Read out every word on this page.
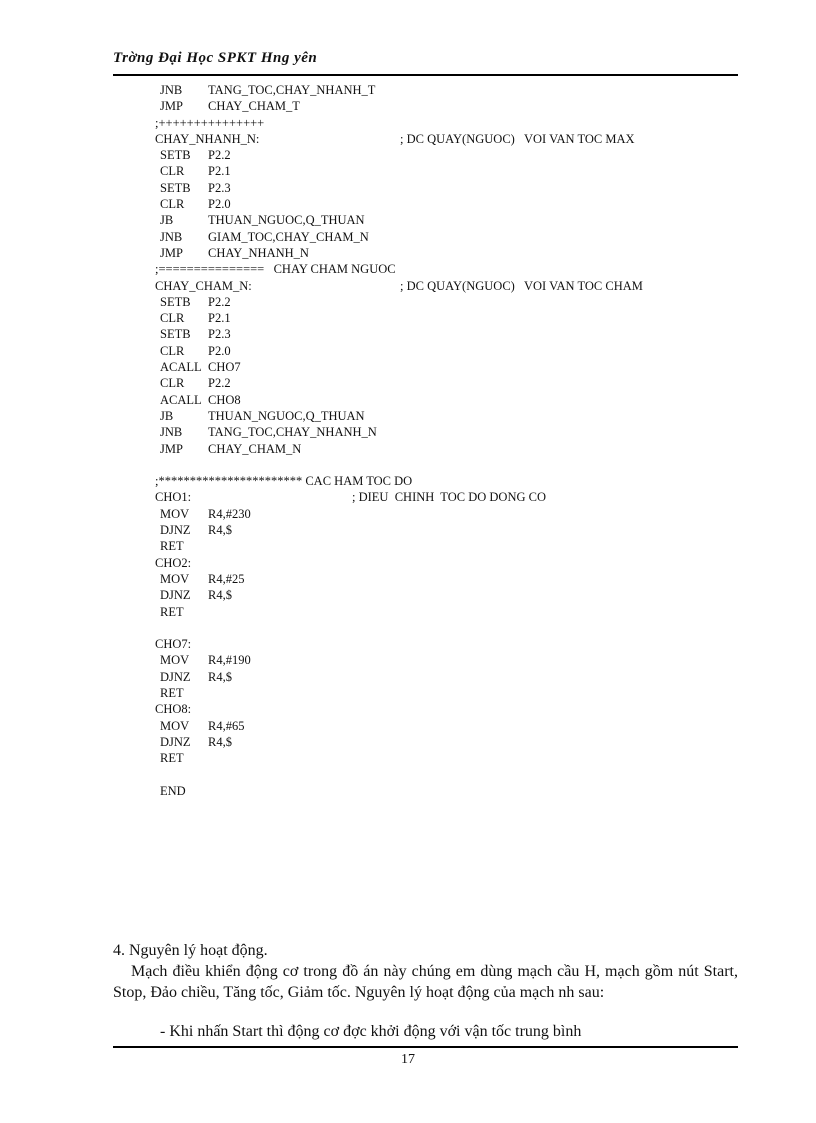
Trờng Đại Học SPKT Hng yên
JNB TANG_TOC,CHAY_NHANH_T
JMP CHAY_CHAM_T
;+++++++++++++++
CHAY_NHANH_N:	; DC QUAY(NGUOC)   VOI VAN TOC MAX
SETB P2.2
CLR P2.1
SETB P2.3
CLR P2.0
JB	THUAN_NGUOC,Q_THUAN
JNB GIAM_TOC,CHAY_CHAM_N
JMP CHAY_NHANH_N
;===============   CHAY CHAM NGUOC
CHAY_CHAM_N:	; DC QUAY(NGUOC)   VOI VAN TOC CHAM
SETB P2.2
CLR P2.1
SETB P2.3
CLR P2.0
ACALL CHO7
CLR P2.2
ACALL CHO8
JB	THUAN_NGUOC,Q_THUAN
JNB TANG_TOC,CHAY_NHANH_N
JMP CHAY_CHAM_N
;*********************** CAC HAM TOC DO
CHO1:	; DIEU  CHINH  TOC DO DONG CO
MOV R4,#230
DJNZ R4,$
RET
CHO2:
MOV R4,#25
DJNZ R4,$
RET
CHO7:
MOV R4,#190
DJNZ R4,$
RET
CHO8:
MOV R4,#65
DJNZ R4,$
RET
END
4. Nguyên lý hoạt động.
Mạch điều khiển động cơ trong đồ án này chúng em dùng mạch cầu H, mạch gồm nút Start, Stop, Đảo chiều, Tăng tốc, Giảm tốc. Nguyên lý hoạt động của mạch nh sau:
- Khi nhấn Start thì động cơ đợc khởi động với vận tốc trung bình
17
